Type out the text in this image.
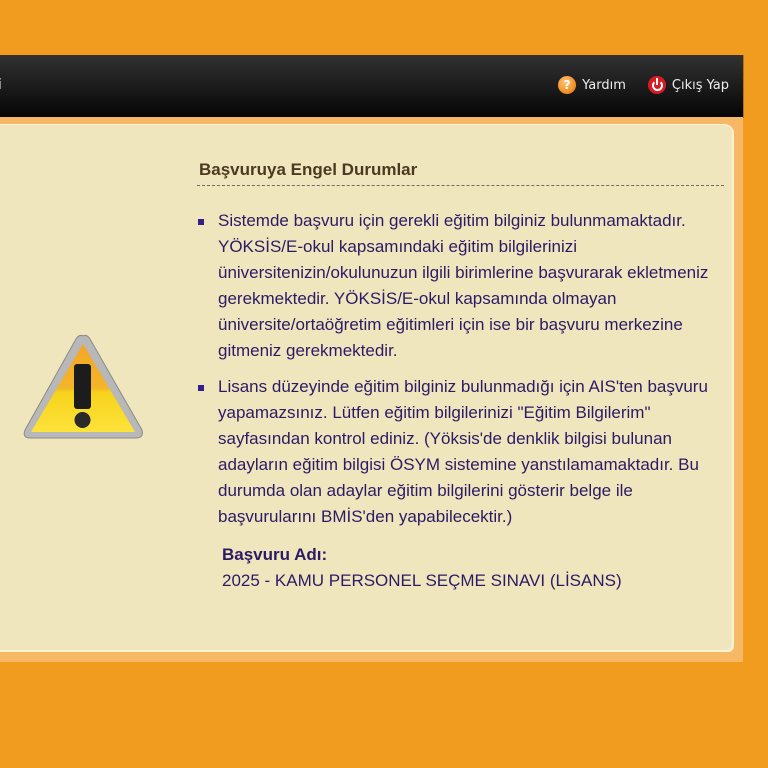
? Yardım	Çıkış Yap
Başvuruya Engel Durumlar
Sistemde başvuru için gerekli eğitim bilginiz bulunmamaktadır. YÖKSİS/E-okul kapsamındaki eğitim bilgilerinizi üniversitenizin/okulunuzun ilgili birimlerine başvurarak ekletmeniz gerekmektedir. YÖKSİS/E-okul kapsamında olmayan üniversite/ortaöğretim eğitimleri için ise bir başvuru merkezine gitmeniz gerekmektedir.
Lisans düzeyinde eğitim bilginiz bulunmadığı için AIS'ten başvuru yapamazsınız. Lütfen eğitim bilgilerinizi "Eğitim Bilgilerim" sayfasından kontrol ediniz. (Yöksis'de denklik bilgisi bulunan adayların eğitim bilgisi ÖSYM sistemine yanstılamamaktadır. Bu durumda olan adaylar eğitim bilgilerini gösterir belge ile başvurularını BMİS'den yapabilecektir.)
Başvuru Adı:
2025 - KAMU PERSONEL SEÇME SINAVI (LİSANS)
